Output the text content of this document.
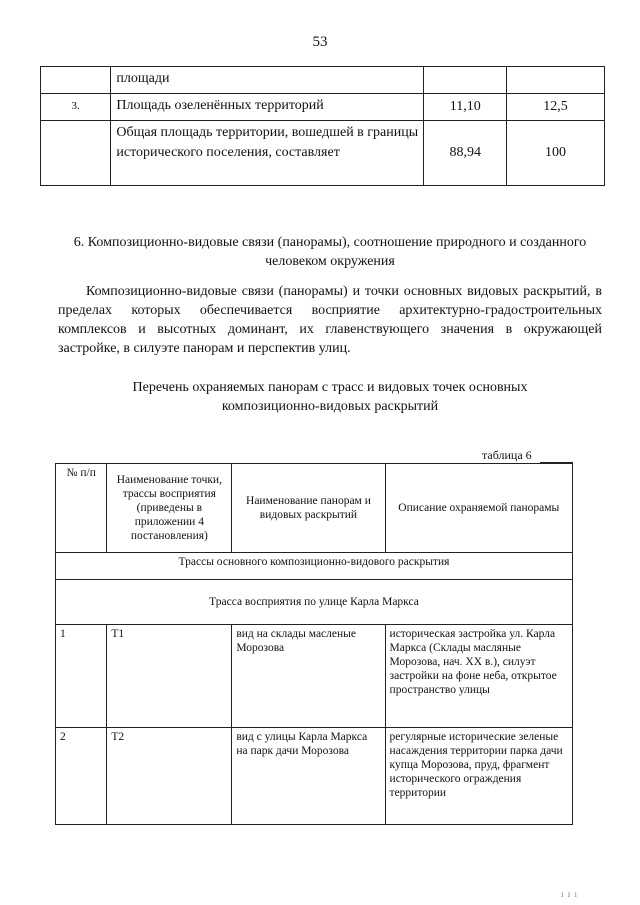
53
	площади		
3.	Площадь озеленённых территорий	11,10	12,5
	Общая площадь территории, вошедшей в границы исторического поселения, составляет	88,94	100
6. Композиционно-видовые связи (панорамы), соотношение природного и созданного человеком окружения
Композиционно-видовые связи (панорамы) и точки основных видовых раскрытий, в пределах которых обеспечивается восприятие архитектурно-градостроительных комплексов и высотных доминант, их главенствующего значения в окружающей застройке, в силуэте панорам и перспектив улиц.
Перечень охраняемых панорам с трасс и видовых точек основных композиционно-видовых раскрытий
таблица 6
№ п/п	Наименование точки, трассы восприятия (приведены в приложении 4 постановления)	Наименование панорам и видовых раскрытий	Описание охраняемой панорамы
Трассы основного композиционно-видового раскрытия			
Трасса восприятия по улице Карла Маркса			
1	Т1	вид на склады масленые Морозова	историческая застройка ул. Карла Маркса (Склады масляные Морозова, нач. XX в.), силуэт застройки на фоне неба, открытое пространство улицы
2	Т2	вид с улицы Карла Маркса на парк дачи Морозова	регулярные исторические зеленые насаждения территории парка дачи купца Морозова, пруд, фрагмент исторического ограждения территории
ı ı ı
